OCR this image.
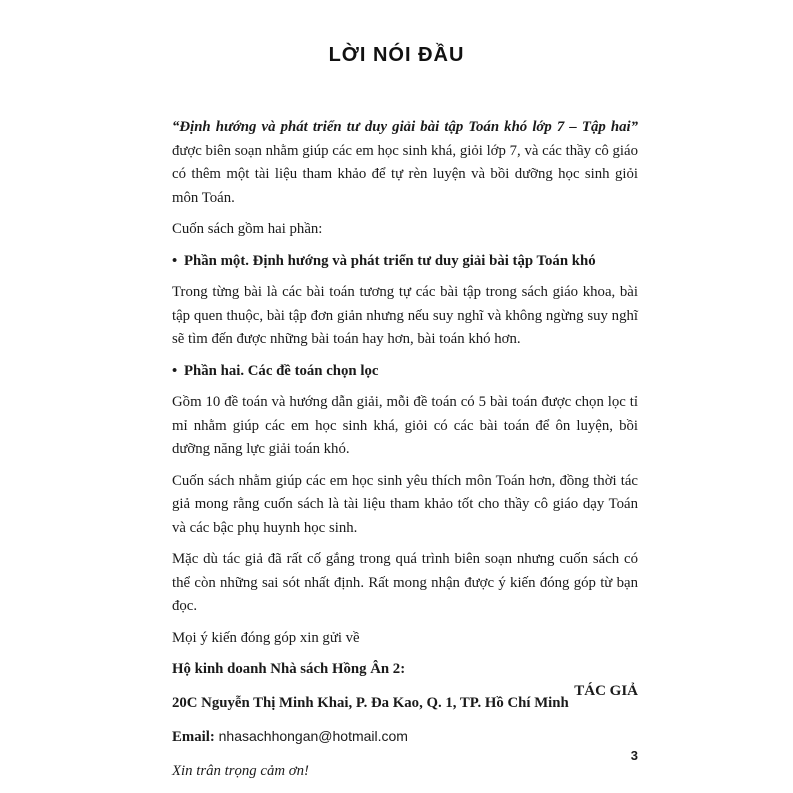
LỜI NÓI ĐẦU

“Định hướng và phát triển tư duy giải bài tập Toán khó lớp 7 – Tập hai” được biên soạn nhằm giúp các em học sinh khá, giỏi lớp 7, và các thầy cô giáo có thêm một tài liệu tham khảo để tự rèn luyện và bồi dưỡng học sinh giỏi môn Toán.

Cuốn sách gồm hai phần:

• Phần một. Định hướng và phát triển tư duy giải bài tập Toán khó

Trong từng bài là các bài toán tương tự các bài tập trong sách giáo khoa, bài tập quen thuộc, bài tập đơn giản nhưng nếu suy nghĩ và không ngừng suy nghĩ sẽ tìm đến được những bài toán hay hơn, bài toán khó hơn.

• Phần hai. Các đề toán chọn lọc

Gồm 10 đề toán và hướng dẫn giải, mỗi đề toán có 5 bài toán được chọn lọc tỉ mỉ nhằm giúp các em học sinh khá, giỏi có các bài toán để ôn luyện, bồi dưỡng năng lực giải toán khó.

Cuốn sách nhằm giúp các em học sinh yêu thích môn Toán hơn, đồng thời tác giả mong rằng cuốn sách là tài liệu tham khảo tốt cho thầy cô giáo dạy Toán và các bậc phụ huynh học sinh.

Mặc dù tác giả đã rất cố gắng trong quá trình biên soạn nhưng cuốn sách có thể còn những sai sót nhất định. Rất mong nhận được ý kiến đóng góp từ bạn đọc.

Mọi ý kiến đóng góp xin gửi về

Hộ kinh doanh Nhà sách Hồng Ân 2:

20C Nguyễn Thị Minh Khai, P. Đa Kao, Q. 1, TP. Hồ Chí Minh

Email: nhasachhongan@hotmail.com

Xin trân trọng cảm ơn!

TÁC GIẢ

3
